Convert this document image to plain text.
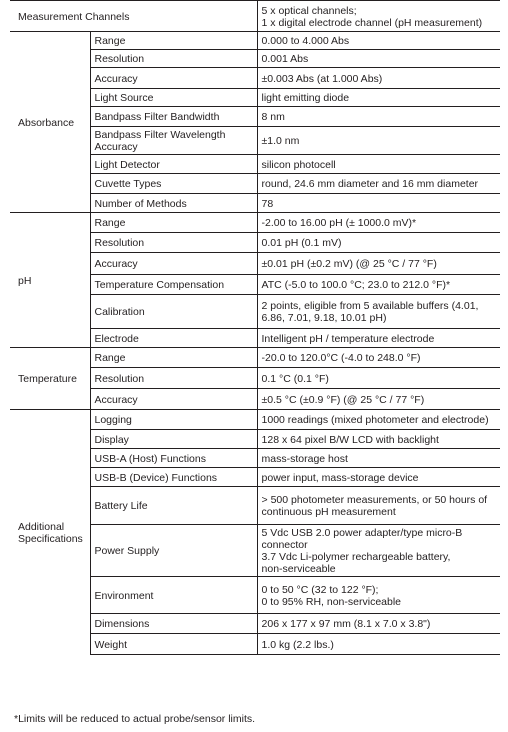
Measurement Channels		5 x optical channels;
1 x digital electrode channel (pH measurement)
Absorbance	Range	0.000 to 4.000 Abs
	Resolution	0.001 Abs
	Accuracy	±0.003 Abs (at 1.000 Abs)
	Light Source	light emitting diode
	Bandpass Filter Bandwidth	8 nm
	Bandpass Filter Wavelength Accuracy	±1.0 nm
	Light Detector	silicon photocell
	Cuvette Types	round, 24.6 mm diameter and 16 mm diameter
	Number of Methods	78
pH	Range	-2.00 to 16.00 pH (± 1000.0 mV)*
	Resolution	0.01 pH (0.1 mV)
	Accuracy	±0.01 pH (±0.2 mV) (@ 25 °C / 77 °F)
	Temperature Compensation	ATC (-5.0 to 100.0 °C; 23.0 to 212.0 °F)*
	Calibration	2 points, eligible from 5 available buffers (4.01,
6.86, 7.01, 9.18, 10.01 pH)
	Electrode	Intelligent pH / temperature electrode
Temperature	Range	-20.0 to 120.0°C (-4.0 to 248.0 °F)
	Resolution	0.1 °C (0.1 °F)
	Accuracy	±0.5 °C (±0.9 °F) (@ 25 °C / 77 °F)
Additional Specifications	Logging	1000 readings (mixed photometer and electrode)
	Display	128 x 64 pixel B/W LCD with backlight
	USB-A (Host) Functions	mass-storage host
	USB-B (Device) Functions	power input, mass-storage device
	Battery Life	> 500 photometer measurements, or 50 hours of
continuous pH measurement
	Power Supply	5 Vdc USB 2.0 power adapter/type micro-B connector
3.7 Vdc Li-polymer rechargeable battery,
non-serviceable
	Environment	0 to 50 °C (32 to 122 °F);
0 to 95% RH, non-serviceable
	Dimensions	206 x 177 x 97 mm (8.1 x 7.0 x 3.8")
	Weight	1.0 kg (2.2 lbs.)
*Limits will be reduced to actual probe/sensor limits.
